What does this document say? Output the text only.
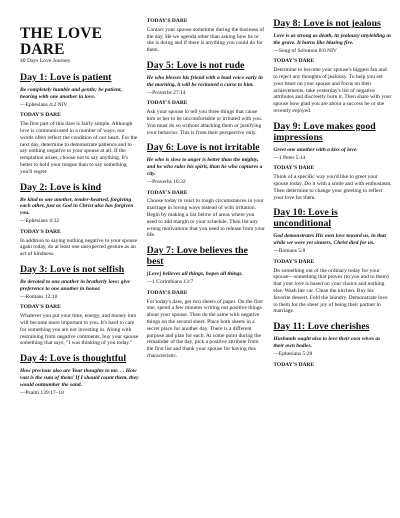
THE LOVE DARE

40 Days Love Journey

Day 1: Love is patient

Be completely humble and gentle; be patient, bearing with one another in love.

—Ephesians 4:2 NIV

TODAY'S DARE

The first part of this dare is fairly simple. Although love is communicated in a number of ways, our words often reflect the condition of our heart. For the next day, determine to demonstrate patience and to say nothing negative to your spouse at all. If the temptation arises, choose not to say anything. It's better to hold your tongue than to say something you'll regret

Day 2: Love is kind

Be kind to one another, tender-hearted, forgiving each other, just as God in Christ also has forgiven you.

—Ephesians 4:32

TODAY'S DARE

In addition to saying nothing negative to your spouse again today, do at least one unexpected gesture as an act of kindness.

Day 3: Love is not selfish

Be devoted to one another in brotherly love; give preference to one another in honor.

—Romans 12:10

TODAY'S DARE

Whatever you put your time, energy, and money into will become more important to you. It's hard to care for something you are not investing in. Along with restraining from negative comments, buy your spouse something that says, "I was thinking of you today."

Day 4: Love is thoughtful

How precious also are Your thoughts to me. . . How vast is the sum of them! If I should count them, they would outnumber the sand.

—Psalm 139:17–18

TODAY'S DARE

Contact your spouse sometime during the business of the day. He we agenda other than asking how he or she is doing and if there is anything you could do for them.

Day 5: Love is not rude

He who blesses his friend with a loud voice early in the morning, it will be reckoned a curse to him.

—Proverbs 27:14

TODAY'S DARE

Ask your spouse to tell you three things that cause him or her to be uncomfortable or irritated with you. You must do so without attacking them or justifying your behavior. This is from their perspective only.

Day 6: Love is not irritable

He who is slow to anger is better than the mighty, and he who rules his spirit, than he who captures a city.

—Proverbs 16:32

TODAY'S DARE

Choose today to react to tough circumstances in your marriage in loving ways instead of with irritation. Begin by making a list below of areas where you need to add margin to your schedule. Then list any wrong motivations that you need to release from your life.

Day 7: Love believes the best

[Love] believes all things, hopes all things.

—1 Corinthians 13:7

TODAY'S DARE

For today's dare, get two sheets of paper. On the first one, spend a few minutes writing out positive things about your spouse. Then do the same with negative things on the second sheet. Place both sheets in a secret place for another day. There is a different purpose and plan for each. At some point during the remainder of the day, pick a positive attribute from the first list and thank your spouse for having this characteristic.

Day 8: Love is not jealous

Love is as strong as death, its jealousy unyielding as the grave. It burns like blazing fire.

—Song of Solomon 8:6 NIV

TODAY'S DARE

Determine to become your spouse's biggest fan and to reject any thoughts of jealousy. To help you set your heart on your spouse and focus on their achievements, take yesterday's list of negative attributes and discreetly burn it. Then share with your spouse how glad you are about a success he or she recently enjoyed.

Day 9: Love makes good impressions

Greet one another with a kiss of love.

—1 Peter 5:14

TODAY'S DARE

Think of a specific way you'd like to greet your spouse today. Do it with a smile and with enthusiasm. Then determine to change your greeting to reflect your love for them.

Day 10: Love is unconditional

God demonstrates His own love toward us, in that while we were yet sinners, Christ died for us.

—Romans 5:8

TODAY'S DARE

Do something out of the ordinary today for your spouse—something that proves (to you and to them) that your love is based on your choice and nothing else. Wash her car. Clean the kitchen. Buy his favorite dessert. Fold the laundry. Demonstrate love to them for the sheer joy of being their partner in marriage.

Day 11: Love cherishes

Husbands ought also to love their own wives as their own bodies.

—Ephesians 5:28

TODAY'S DARE
